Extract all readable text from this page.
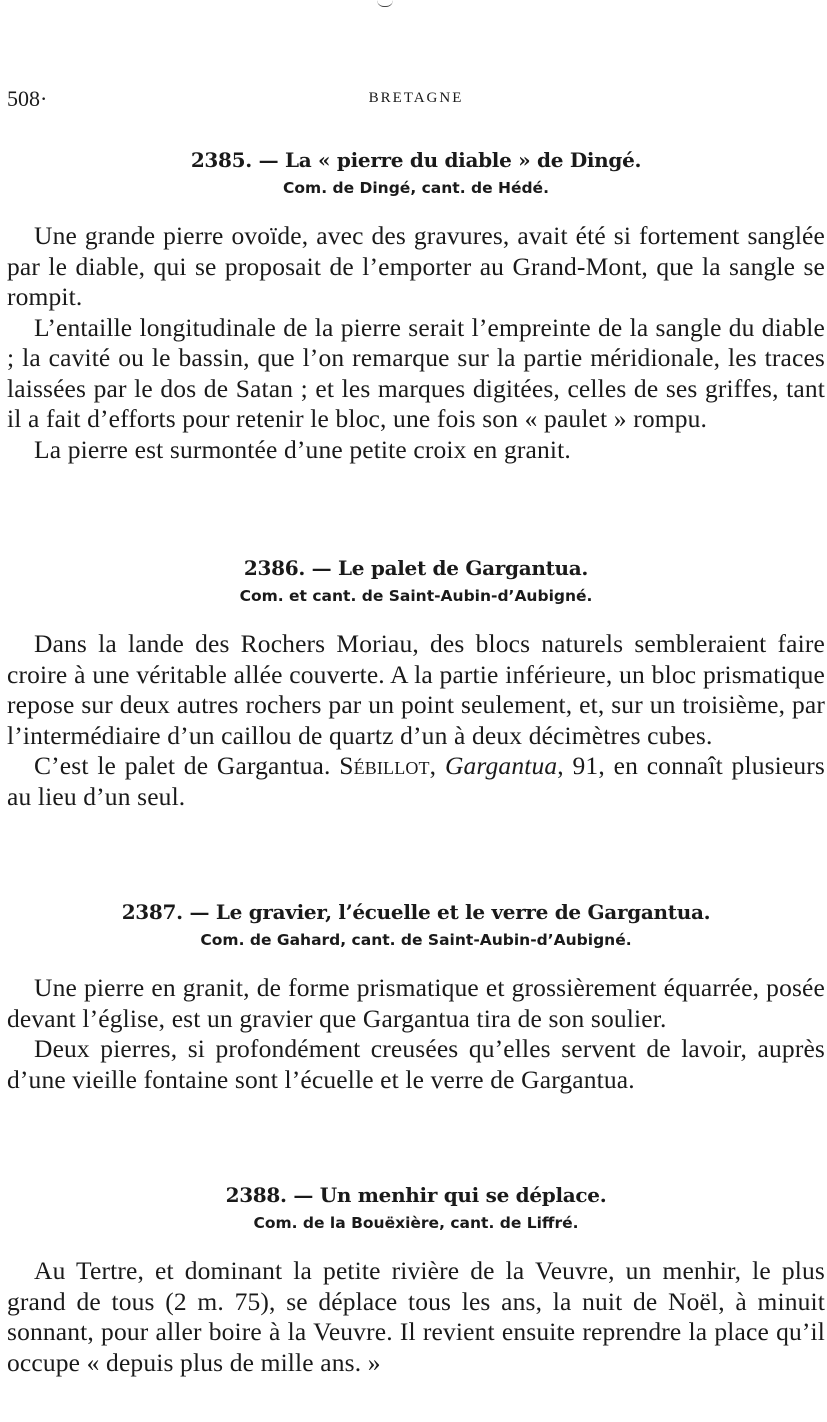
508·	BRETAGNE
2385. — La « pierre du diable » de Dingé.
Com. de Dingé, cant. de Hédé.

Une grande pierre ovoïde, avec des gravures, avait été si fortement sanglée par le diable, qui se proposait de l’emporter au Grand-Mont, que la sangle se rompit.

L’entaille longitudinale de la pierre serait l’empreinte de la sangle du diable ; la cavité ou le bassin, que l’on remarque sur la partie méridionale, les traces laissées par le dos de Satan ; et les marques digitées, celles de ses griffes, tant il a fait d’efforts pour retenir le bloc, une fois son « paulet » rompu.

La pierre est surmontée d’une petite croix en granit.

2386. — Le palet de Gargantua.
Com. et cant. de Saint-Aubin-d’Aubigné.

Dans la lande des Rochers Moriau, des blocs naturels sembleraient faire croire à une véritable allée couverte. A la partie inférieure, un bloc prismatique repose sur deux autres rochers par un point seulement, et, sur un troisième, par l’intermédiaire d’un caillou de quartz d’un à deux décimètres cubes.

C’est le palet de Gargantua. Sébillot, Gargantua, 91, en connaît plusieurs au lieu d’un seul.

2387. — Le gravier, l’écuelle et le verre de Gargantua.
Com. de Gahard, cant. de Saint-Aubin-d’Aubigné.

Une pierre en granit, de forme prismatique et grossièrement équarrée, posée devant l’église, est un gravier que Gargantua tira de son soulier.

Deux pierres, si profondément creusées qu’elles servent de lavoir, auprès d’une vieille fontaine sont l’écuelle et le verre de Gargantua.

2388. — Un menhir qui se déplace.
Com. de la Bouëxière, cant. de Liffré.

Au Tertre, et dominant la petite rivière de la Veuvre, un menhir, le plus grand de tous (2 m. 75), se déplace tous les ans, la nuit de Noël, à minuit sonnant, pour aller boire à la Veuvre. Il revient ensuite reprendre la place qu’il occupe « depuis plus de mille ans. »
